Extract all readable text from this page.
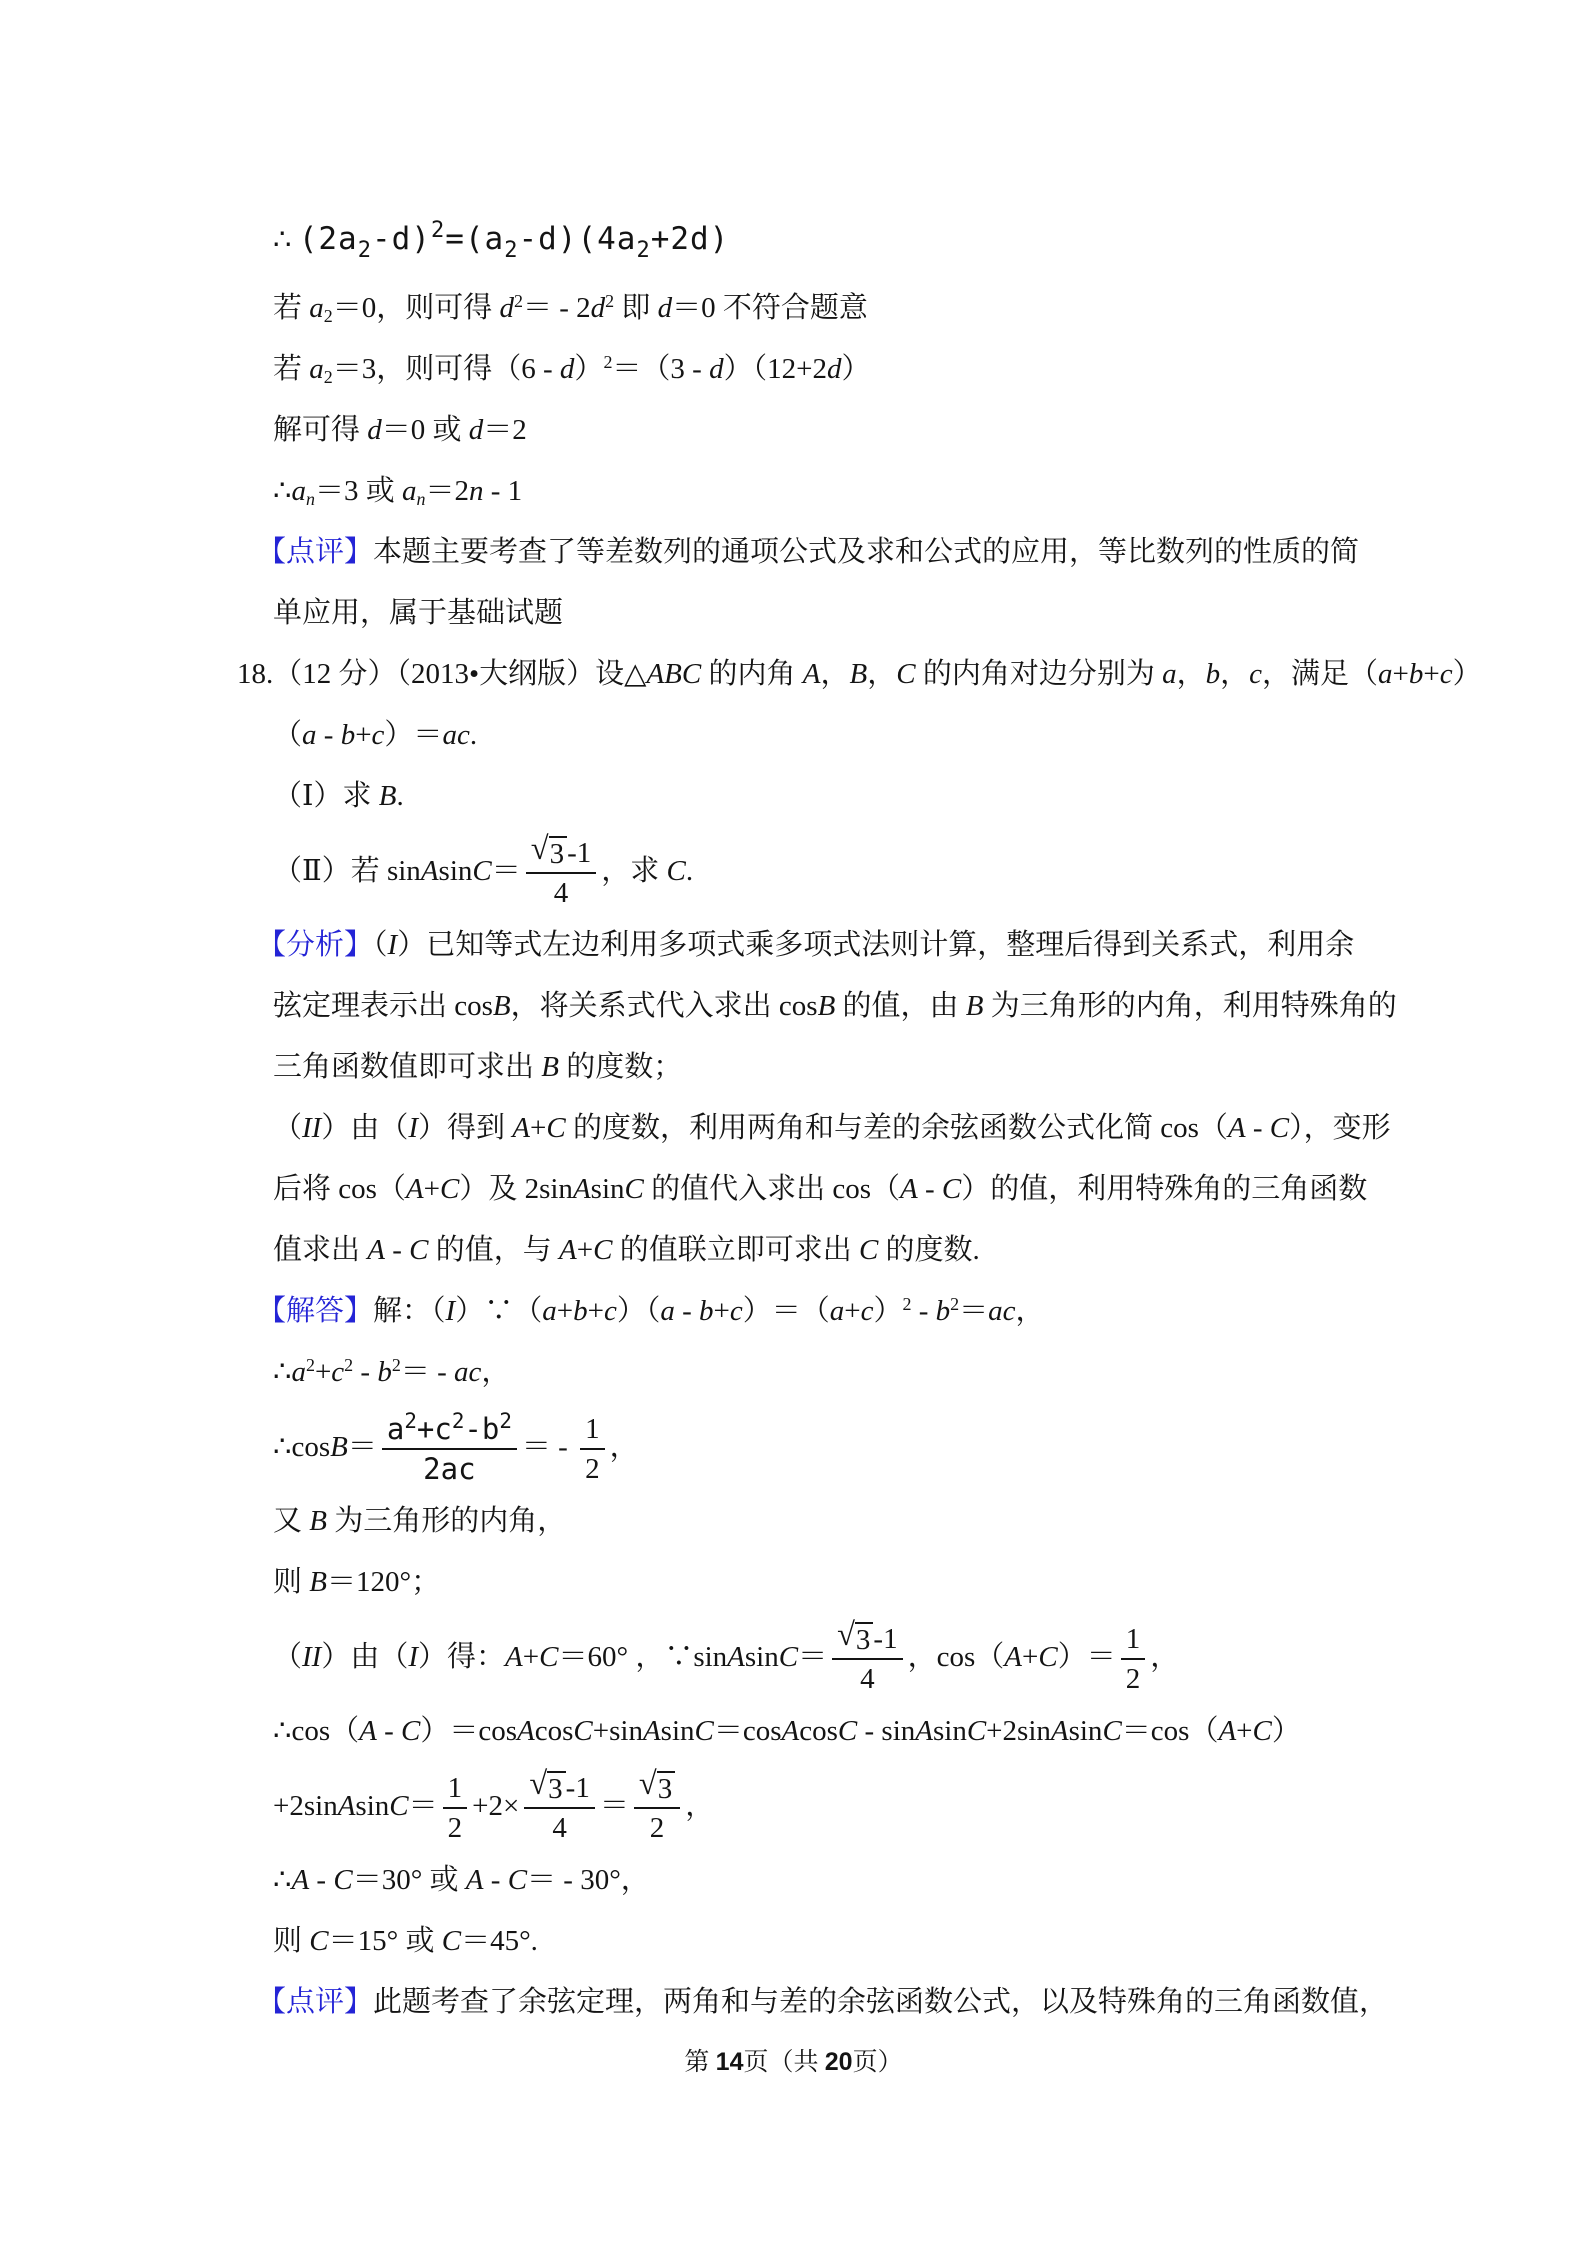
∴ $(2a_2-d)^2=(a_2-d)(4a_2+2d)$
若 a2＝0，则可得 $d^2= - 2d^2$ 即 d＝0 不符合题意
若 a2＝3，则可得（6 - d）$^2$＝（3 - d）（12+2d）
解可得 d＝0 或 d＝2
∴an＝3 或 an＝2n - 1
【点评】本题主要考查了等差数列的通项公式及求和公式的应用，等比数列的性质的简
单应用，属于基础试题
18.（12 分）（2013•大纲版）设△ABC 的内角 A，B，C 的内角对边分别为 a，b，c，满足（a+b+c）
（a - b+c）＝ac.
（Ⅰ）求 B.
（Ⅱ）若 sinAsinC＝ $\frac{√ 3 -1}{4}$ ，求 C.
【分析】（I）已知等式左边利用多项式乘多项式法则计算，整理后得到关系式，利用余
弦定理表示出 cosB，将关系式代入求出 cosB 的值，由 B 为三角形的内角，利用特殊角的
三角函数值即可求出 B 的度数；
（II）由（I）得到 A+C 的度数，利用两角和与差的余弦函数公式化简 cos（A - C），变形
后将 cos（A+C）及 2sinAsinC 的值代入求出 cos（A - C）的值，利用特殊角的三角函数
值求出 A - C 的值，与 A+C 的值联立即可求出 C 的度数.
【解答】解：（I）∵（a+b+c）（a - $b+c)=(a+c)^2 - b^2=ac$，
$\therefore a^2+c^2 - b^2=$ - ac，
∴cosB＝ $\frac{a^2+c^2-b^2}{2ac}$ ＝ - $\frac{1}{2}$ ，
又 B 为三角形的内角，
则 B＝120°；
（II）由（I）得：A+C＝60° ，∵sinAsinC＝ $\frac{√ 3 -1}{4}$ ，$\cos(A+C)= \frac{1}{2}$ ，
∴cos（A - C）＝cosAcosC+sinAsinC＝cosAcosC - sinAsinC+2sinAsinC＝cos（A+C）
+2sinAsinC＝ $\frac{1}{2} +2\times \frac{√ 3 -1}{4} = \frac{√ 3}{2}$ ，
∴A - C＝30° 或 A - C＝ - 30°，
则 C＝15° 或 C＝45°.
【点评】此题考查了余弦定理，两角和与差的余弦函数公式，以及特殊角的三角函数值，
第 14页（共 20页）
